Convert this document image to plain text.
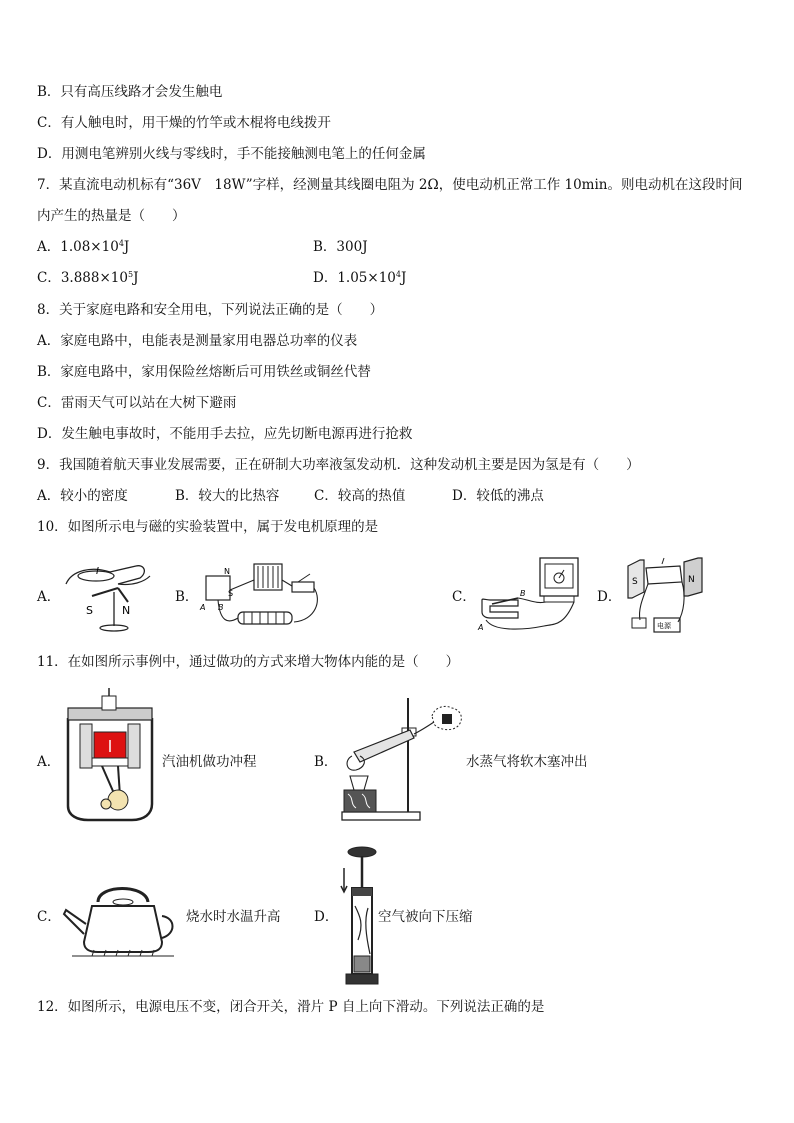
B．只有高压线路才会发生触电
C．有人触电时，用干燥的竹竿或木棍将电线拨开
D．用测电笔辨别火线与零线时，手不能接触测电笔上的任何金属
7．某直流电动机标有“36V　18W”字样，经测量其线圈电阻为 2Ω，使电动机正常工作 10min。则电动机在这段时间
内产生的热量是（　　）
A．$1.08\times 10^4J$	B．300J
C．$3.888\times 10^5J$	D．$1.05\times 10^4J$
8．关于家庭电路和安全用电，下列说法正确的是（　　）
A．家庭电路中，电能表是测量家用电器总功率的仪表
B．家庭电路中，家用保险丝熔断后可用铁丝或铜丝代替
C．雷雨天气可以站在大树下避雨
D．发生触电事故时，不能用手去拉，应先切断电源再进行抢救
9．我国随着航天事业发展需要，正在研制大功率液氢发动机．这种发动机主要是因为氢是有（　　）
A．较小的密度	B．较大的比热容	C．较高的热值	D．较低的沸点
10．如图所示电与磁的实验装置中，属于发电机原理的是
A．
I
S	N
B．
N
S
A B
C．	B
A
D．
S	N
电源
11．在如图所示事例中，通过做功的方式来增大物体内能的是（　　）
A．	汽油机做功冲程	B．	水蒸气将软木塞冲出
C．	烧水时水温升高 D．	空气被向下压缩
12．如图所示，电源电压不变，闭合开关，滑片 P 自上向下滑动。下列说法正确的是
